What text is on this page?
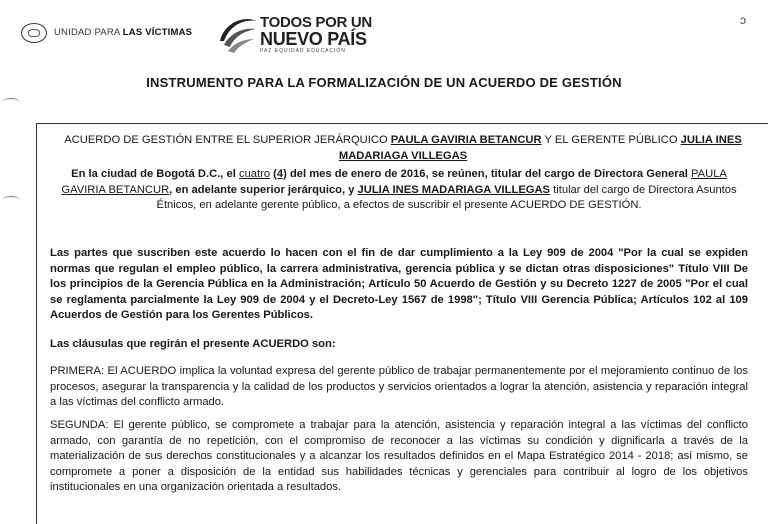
UNIDAD PARA LAS VÍCTIMAS
TODOS POR UN
NUEVO PAÍS
PAZ EQUIDAD EDUCACIÓN
ↄ
INSTRUMENTO PARA LA FORMALIZACIÓN DE UN ACUERDO DE GESTIÓN
ACUERDO DE GESTIÓN ENTRE EL SUPERIOR JERÁRQUICO PAULA GAVIRIA BETANCUR Y EL GERENTE PÚBLICO JULIA INES MADARIAGA VILLEGAS
En la ciudad de Bogotá D.C., el cuatro (4) del mes de enero de 2016, se reúnen, titular del cargo de Directora General PAULA GAVIRIA BETANCUR, en adelante superior jerárquico, y JULIA INES MADARIAGA VILLEGAS titular del cargo de Directora Asuntos Étnicos, en adelante gerente público, a efectos de suscribir el presente ACUERDO DE GESTIÓN.
Las partes que suscriben este acuerdo lo hacen con el fin de dar cumplimiento a la Ley 909 de 2004 "Por la cual se expiden normas que regulan el empleo público, la carrera administrativa, gerencia pública y se dictan otras disposiciones" Título VIII De los principios de la Gerencia Pública en la Administración; Artículo 50 Acuerdo de Gestión y su Decreto 1227 de 2005 "Por el cual se reglamenta parcialmente la Ley 909 de 2004 y el Decreto-Ley 1567 de 1998"; Título VIII Gerencia Pública; Artículos 102 al 109 Acuerdos de Gestión para los Gerentes Públicos.
Las cláusulas que regirán el presente ACUERDO son:
PRIMERA: El ACUERDO implica la voluntad expresa del gerente público de trabajar permanentemente por el mejoramiento continuo de los procesos, asegurar la transparencia y la calidad de los productos y servicios orientados a lograr la atención, asistencia y reparación integral a las víctimas del conflicto armado.
SEGUNDA: El gerente público, se compromete a trabajar para la atención, asistencia y reparación integral a las víctimas del conflicto armado, con garantía de no repetición, con el compromiso de reconocer a las víctimas su condición y dignificarla a través de la materialización de sus derechos constitucionales y a alcanzar los resultados definidos en el Mapa Estratégico 2014 - 2018; así mismo, se compromete a poner a disposición de la entidad sus habilidades técnicas y gerenciales para contribuir al logro de los objetivos institucionales en una organización orientada a resultados.
